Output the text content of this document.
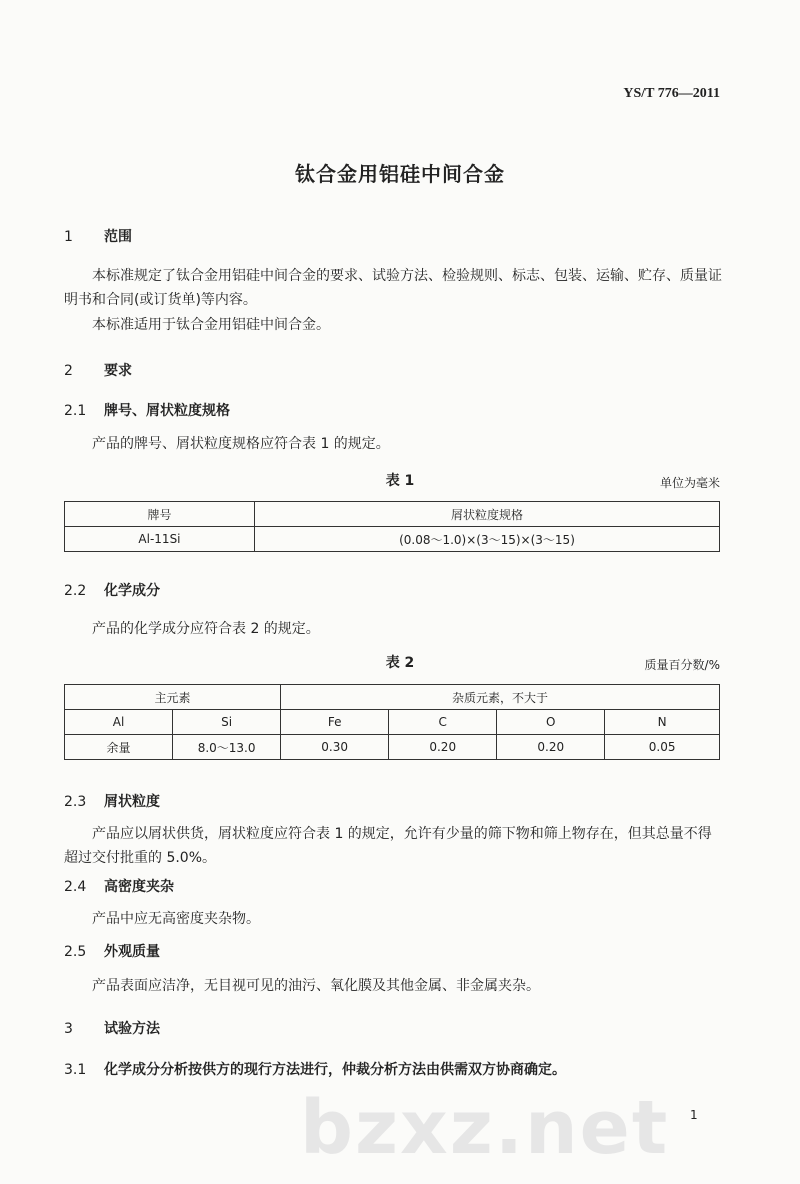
YS/T 776—2011
钛合金用铝硅中间合金
1 范围
本标准规定了钛合金用铝硅中间合金的要求、试验方法、检验规则、标志、包装、运输、贮存、质量证明书和合同(或订货单)等内容。
本标准适用于钛合金用铝硅中间合金。
2 要求
2.1 牌号、屑状粒度规格
产品的牌号、屑状粒度规格应符合表 1 的规定。
表 1	单位为毫米
牌号	屑状粒度规格
Al-11Si	(0.08～1.0)×(3～15)×(3～15)
2.2 化学成分
产品的化学成分应符合表 2 的规定。
表 2	质量百分数/%
主元素		杂质元素，不大于			
Al	Si	Fe	C	O	N
余量	8.0～13.0	0.30	0.20	0.20	0.05
2.3 屑状粒度
产品应以屑状供货，屑状粒度应符合表 1 的规定，允许有少量的筛下物和筛上物存在，但其总量不得超过交付批重的 5.0%。
2.4 高密度夹杂
产品中应无高密度夹杂物。
2.5 外观质量
产品表面应洁净，无目视可见的油污、氧化膜及其他金属、非金属夹杂。
3 试验方法
3.1 化学成分分析按供方的现行方法进行，仲裁分析方法由供需双方协商确定。
bzxz.net 1
